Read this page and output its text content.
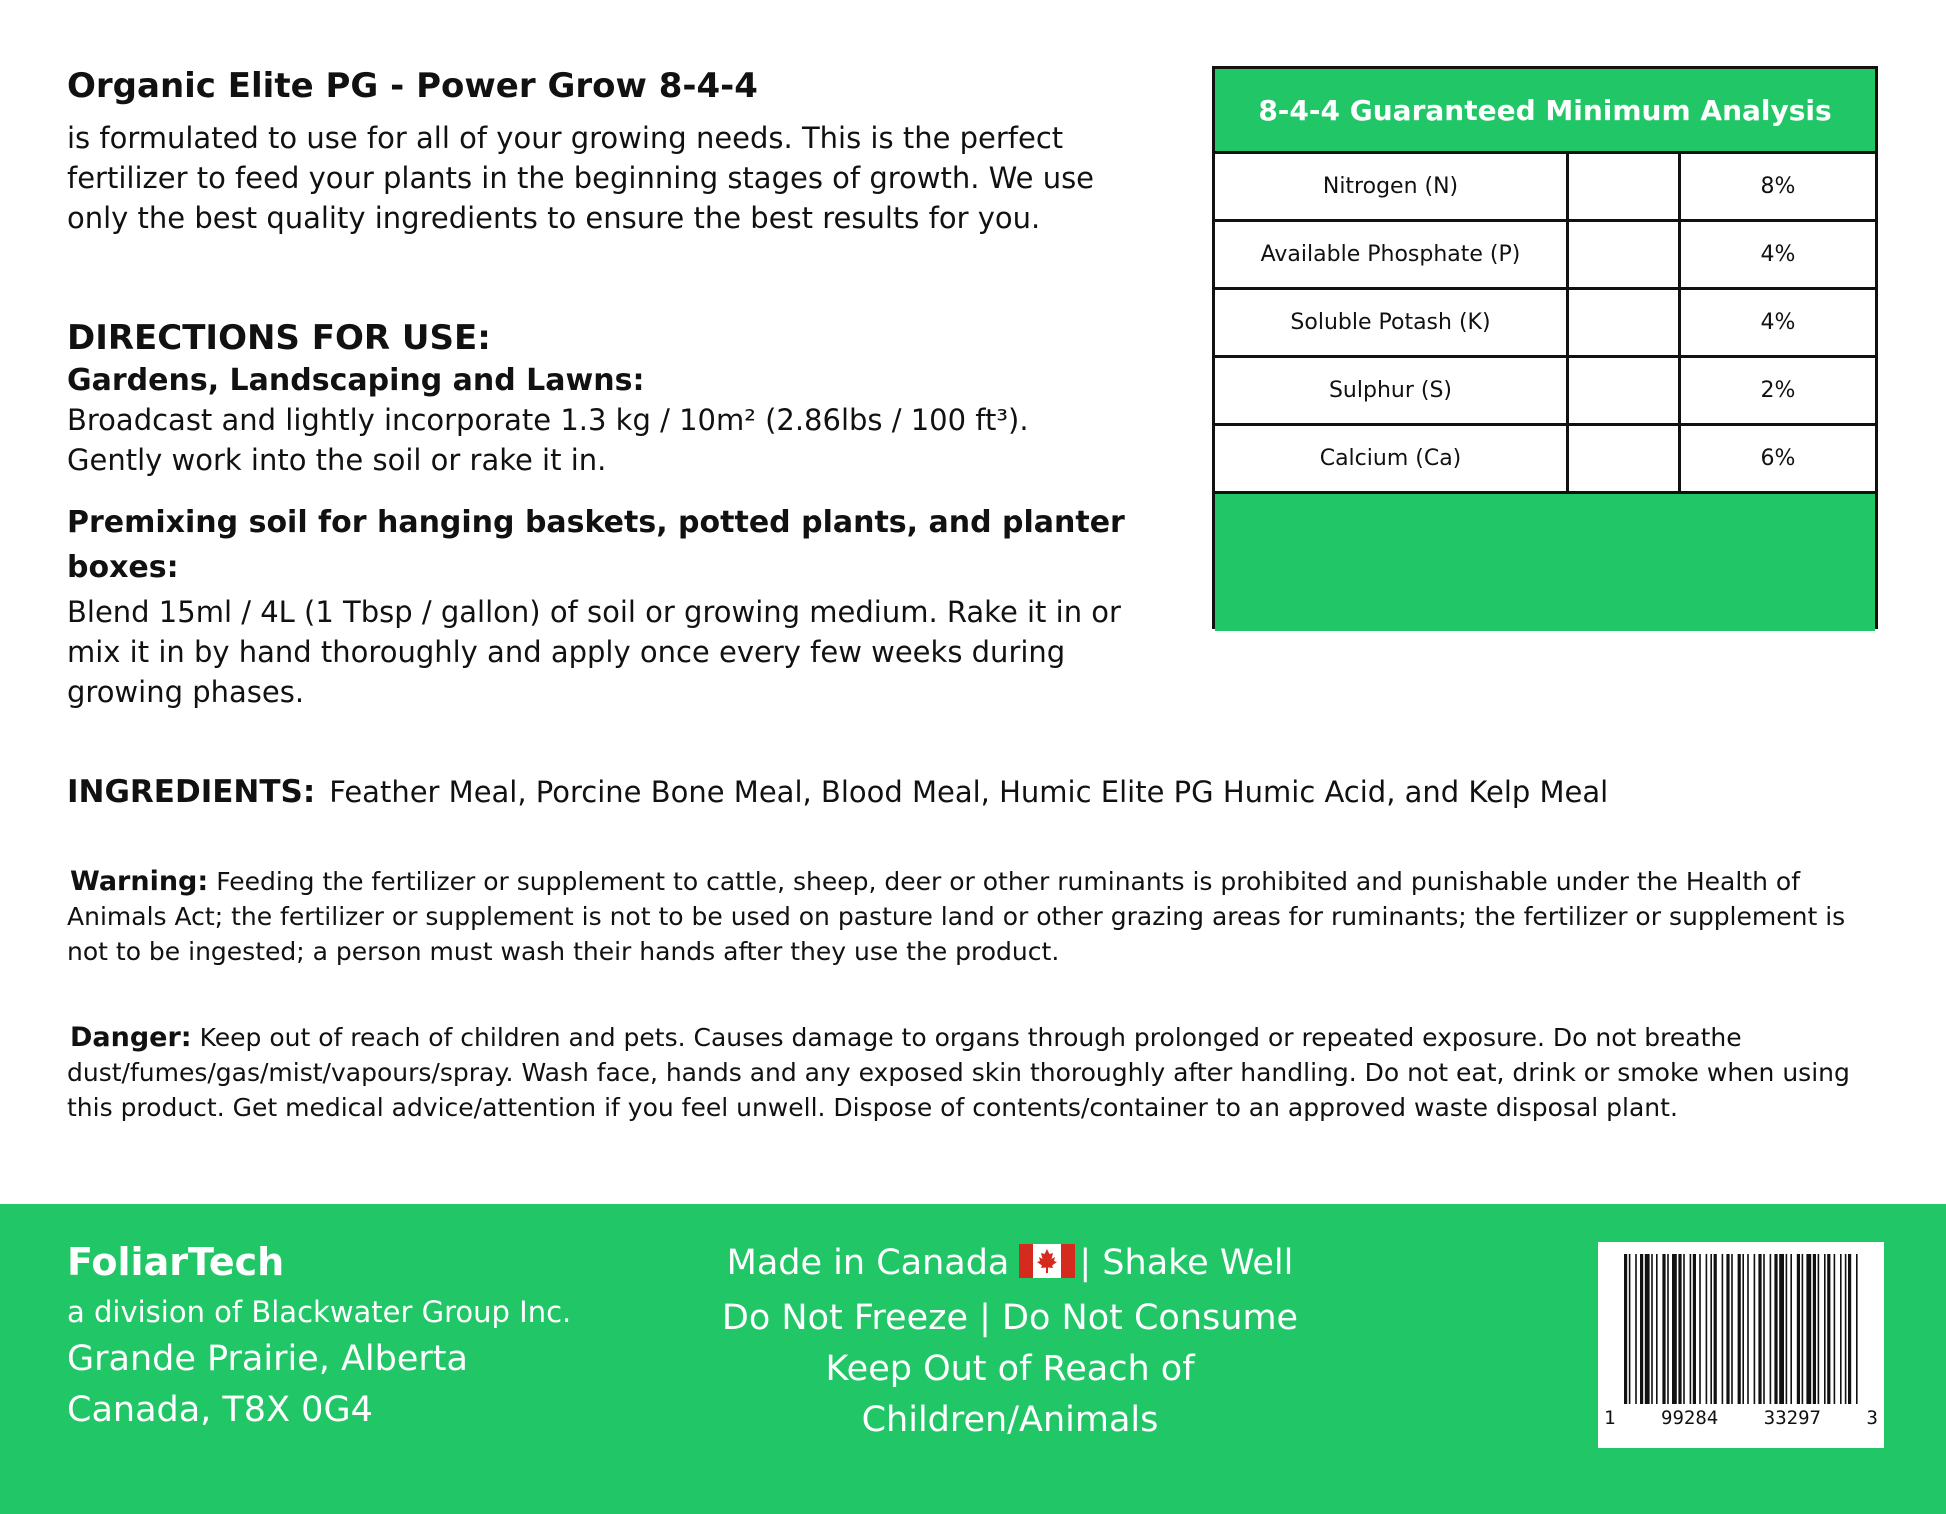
Organic Elite PG - Power Grow 8-4-4

is formulated to use for all of your growing needs. This is the perfect fertilizer to feed your plants in the beginning stages of growth. We use only the best quality ingredients to ensure the best results for you.

DIRECTIONS FOR USE:
Gardens, Landscaping and Lawns:
Broadcast and lightly incorporate 1.3 kg / 10m² (2.86lbs / 100 ft³).
Gently work into the soil or rake it in.
Premixing soil for hanging baskets, potted plants, and planter boxes:

Blend 15ml / 4L (1 Tbsp / gallon) of soil or growing medium. Rake it in or mix it in by hand thoroughly and apply once every few weeks during growing phases.

INGREDIENTS: Feather Meal, Porcine Bone Meal, Blood Meal, Humic Elite PG Humic Acid, and Kelp Meal

Warning: Feeding the fertilizer or supplement to cattle, sheep, deer or other ruminants is prohibited and punishable under the Health of Animals Act; the fertilizer or supplement is not to be used on pasture land or other grazing areas for ruminants; the fertilizer or supplement is not to be ingested; a person must wash their hands after they use the product.

Danger: Keep out of reach of children and pets. Causes damage to organs through prolonged or repeated exposure. Do not breathe dust/fumes/gas/mist/vapours/spray. Wash face, hands and any exposed skin thoroughly after handling. Do not eat, drink or smoke when using this product. Get medical advice/attention if you feel unwell. Dispose of contents/container to an approved waste disposal plant.

8-4-4 Guaranteed Minimum Analysis
Nitrogen (N)	8%
Available Phosphate (P)	4%
Soluble Potash (K)	4%
Sulphur (S)	2%
Calcium (Ca)	6%
FoliarTech
a division of Blackwater Group Inc.
Grande Prairie, Alberta
Canada, T8X 0G4
Made in Canada | Shake Well
Do Not Freeze | Do Not Consume
Keep Out of Reach of
Children/Animals	1 99284 33297 3
